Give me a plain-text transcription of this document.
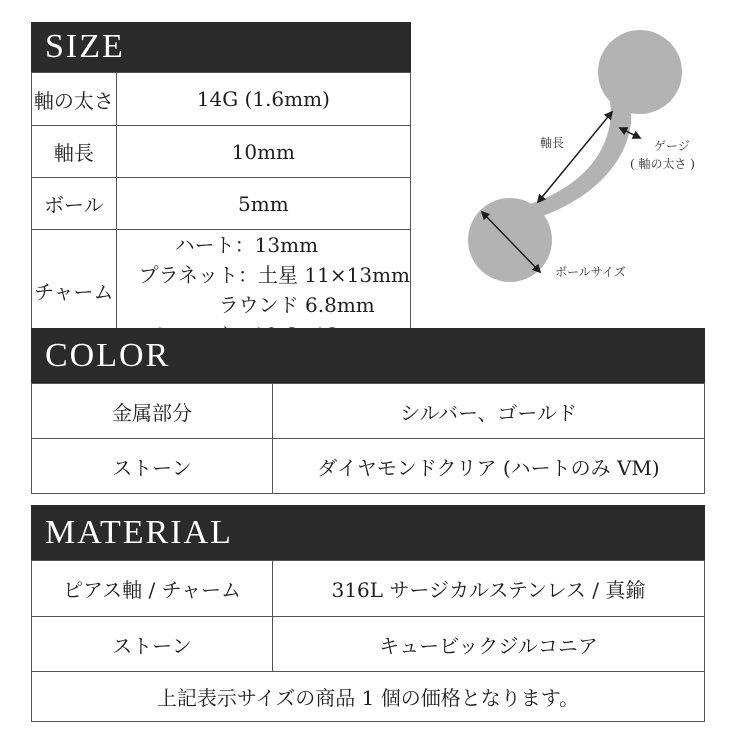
SIZE
軸の太さ	14G (1.6mm)
軸長	10mm
ボール	5mm
チャーム	ハート：13mm
プラネット：土星 11×13mm
ラウンド 6.8mm
軸長	ゲージ
( 軸の太さ )
ボールサイズ
COLOR
金属部分	シルバー、ゴールド
ストーン	ダイヤモンドクリア (ハートのみ VM)
MATERIAL
ピアス軸 / チャーム	316L サージカルステンレス / 真鍮
ストーン	キュービックジルコニア
上記表示サイズの商品 1 個の価格となります。
